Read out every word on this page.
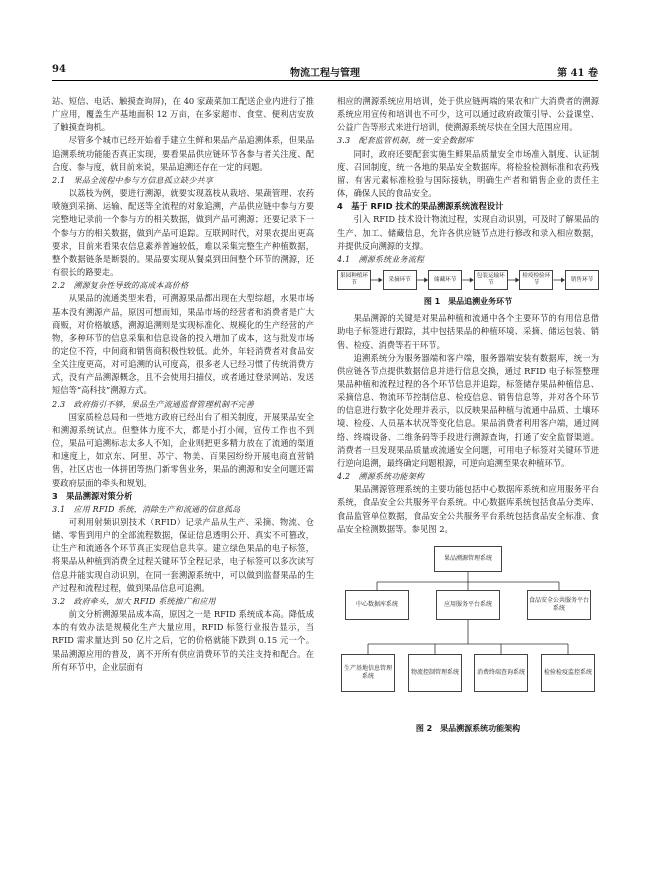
94	物流工程与管理	第 41 卷

站、短信、电话、触摸查询屏)，在 40 家蔬菜加工配送企业内进行了推广应用，覆盖生产基地面积 12 万亩，在多家超市、食堂、便利店安放了触摸查询机。

尽管多个城市已经开始着手建立生鲜和果品产品追溯体系，但果品追溯系统功能能否真正实现，要看果品供应链环节各参与者关注度、配合度、参与度，就目前来说，果品追溯还存在一定的问题。

2.1　果品全流程中参与方信息孤立缺少共享

以荔枝为例，要进行溯源，就要实现荔枝从栽培、果蔬管理、农药喷施到采摘、运输、配送等全流程的对象追溯，产品供应链中参与方要完整地记录前一个参与方的相关数据，做到产品可溯源；还要记录下一个参与方的相关数据，做到产品可追踪。互联网时代，对果农提出更高要求，目前来看果农信息素养普遍较低，难以采集完整生产种植数据，整个数据链条是断裂的。果品要实现从餐桌到田间整个环节的溯源，还有很长的路要走。

2.2　溯源复杂性导致的高成本高价格

从果品的流通类型来看，可溯源果品都出现在大型综超，水果市场基本没有溯源产品，原因可想而知，果品市场的经营者和消费者是广大商贩，对价格敏感，溯源追溯则是实现标准化、规模化的生产经营的产物，多种环节的信息采集和信息设备的投入增加了成本，这与批发市场的定位不符，中间商和销售商积极性较低。此外，年轻消费者对食品安全关注度更高，对可追溯的认可度高，很多老人已经习惯了传统消费方式，没有产品溯源概念，且不会使用扫描仪，或者通过登录网站、发送短信等“高科技”溯源方式。

2.3　政府指引不够，果品生产流通监督管理机制不完善

国家质检总局和一些地方政府已经出台了相关制度，开展果品安全和溯源系统试点。但整体力度不大，都是小打小闹，宣传工作也不到位，果品可追溯标志太多人不知，企业则把更多精力放在了流通的渠道和速度上，如京东、阿里、苏宁、物美、百果园纷纷开展电商直营销售，社区店也一体拼团等热门新零售业务，果品的溯源和安全问题还需要政府层面的牵头和规划。

3　果品溯源对策分析
3.1　应用 RFID 系统，消除生产和流通的信息孤岛

可利用射频识别技术（RFID）记录产品从生产、采摘、物流、仓储、零售到用户的全部流程数据，保证信息透明公开、真实不可篡改，让生产和流通各个环节真正实现信息共享。建立绿色果品的电子标签，将果品从种植到消费全过程关键环节全程记录，电子标签可以多次读写信息并能实现自动识别，在同一套溯源系统中，可以做到监督果品的生产过程和流程过程，做到果品信息可追溯。

3.2　政府牵头，加大 RFID 系统推广和应用

前文分析溯源果品成本高，原因之一是 RFID 系统成本高。降低成本的有效办法是规模化生产大量应用，RFID 标签行业报告显示，当 RFID 需求量达到 50 亿片之后，它的价格就能下跌到 0.15 元一个。果品溯源应用的普及，离不开所有供应消费环节的关注支持和配合。在所有环节中，企业层面有

相应的溯源系统应用培训，处于供应链两端的果农和广大消费者的溯源系统应用宣传和培训也不可少，这可以通过政府政策引导、公益课堂、公益广告等形式来进行培训，使溯源系统尽快在全国大范围应用。

3.3　配套监管机制，统一安全数据库

同时，政府还要配套实施生鲜果品质量安全市场准入制度、认证制度、召回制度，统一各地的果品安全数据库。将检验检测标准和农药残留、有害元素标准检验与国际接轨，明确生产者和销售企业的责任主体，确保人民的食品安全。

4　基于 RFID 技术的果品溯源系统流程设计

引入 RFID 技术设计物流过程，实现自动识别，可及时了解果品的生产、加工、储藏信息，允许各供应链节点进行修改和录入相应数据，并提供反向溯源的支撑。

4.1　溯源系统业务流程
果园种植环节
采摘环节	储藏环节
包装运输环节
检疫检验环节
销售环节
图 1　果品追溯业务环节

果品溯源的关键是对果品种植和流通中各个主要环节的有用信息借助电子标签进行跟踪，其中包括果品的种植环境、采摘、储运包装、销售、检疫、消费等若干环节。

追溯系统分为服务器端和客户端，服务器端安装有数据库，统一为供应链各节点提供数据信息并进行信息交换，通过 RFID 电子标签整理果品种植和流程过程的各个环节信息并追踪，标签储存果品种植信息、采摘信息、物流环节控制信息、检疫信息、销售信息等，并对各个环节的信息进行数字化处理并表示，以反映果品种植与流通中品质、土壤环境、检疫、人员基本状况等变化信息。果品消费者利用客户端，通过网络、终端设备、二维条码等手段进行溯源查询，打通了安全监督渠道。消费者一旦发现果品质量或流通安全问题，可用电子标签对关键环节进行逆向追溯，最终确定问题根源，可逆向追溯至果农种植环节。

4.2　溯源系统功能架构

果品溯源管理系统的主要功能包括中心数据库系统和应用服务平台系统，食品安全公共服务平台系统。中心数据库系统包括食品分类库、食品监管单位数据，食品安全公共服务平台系统包括食品安全标准、食品安全检测数据等。参见图 2。

果品溯源管理系统
中心数据库系统	应用服务平台系统
食品安全公共服务平台系统
生产基地信息管理系统
物流控制管理系统	消费终端查询系统	检验检疫监控系统
图 2　果品溯源系统功能架构
